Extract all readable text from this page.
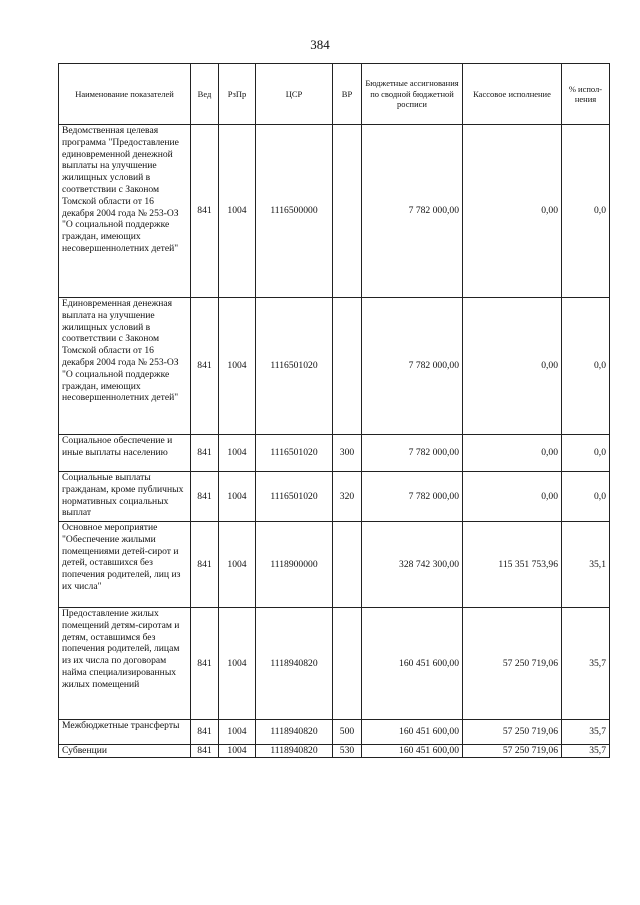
384
Наименование показателей	Вед	РзПр	ЦСР	ВР	Бюджетные ассигнования по сводной бюджетной росписи	Кассовое исполнение	% испол-нения
Ведомственная целевая программа "Предоставление единовременной денежной выплаты на улучшение жилищных условий в соответствии с Законом Томской области от 16 декабря 2004 года № 253-ОЗ "О социальной поддержке граждан, имеющих несовершеннолетних детей"	841	1004	1116500000		7 782 000,00	0,00	0,0
Единовременная денежная выплата на улучшение жилищных условий в соответствии с Законом Томской области от 16 декабря 2004 года № 253-ОЗ "О социальной поддержке граждан, имеющих несовершеннолетних детей"	841	1004	1116501020		7 782 000,00	0,00	0,0
Социальное обеспечение и иные выплаты населению	841	1004	1116501020	300	7 782 000,00	0,00	0,0
Социальные выплаты гражданам, кроме публичных нормативных социальных выплат	841	1004	1116501020	320	7 782 000,00	0,00	0,0
Основное мероприятие "Обеспечение жилыми помещениями детей-сирот и детей, оставшихся без попечения родителей, лиц из их числа"	841	1004	1118900000		328 742 300,00	115 351 753,96	35,1
Предоставление жилых помещений детям-сиротам и детям, оставшимся без попечения родителей, лицам из их числа по договорам найма специализированных жилых помещений	841	1004	1118940820		160 451 600,00	57 250 719,06	35,7
Межбюджетные трансферты	841	1004	1118940820	500	160 451 600,00	57 250 719,06	35,7
Субвенции	841	1004	1118940820	530	160 451 600,00	57 250 719,06	35,7
